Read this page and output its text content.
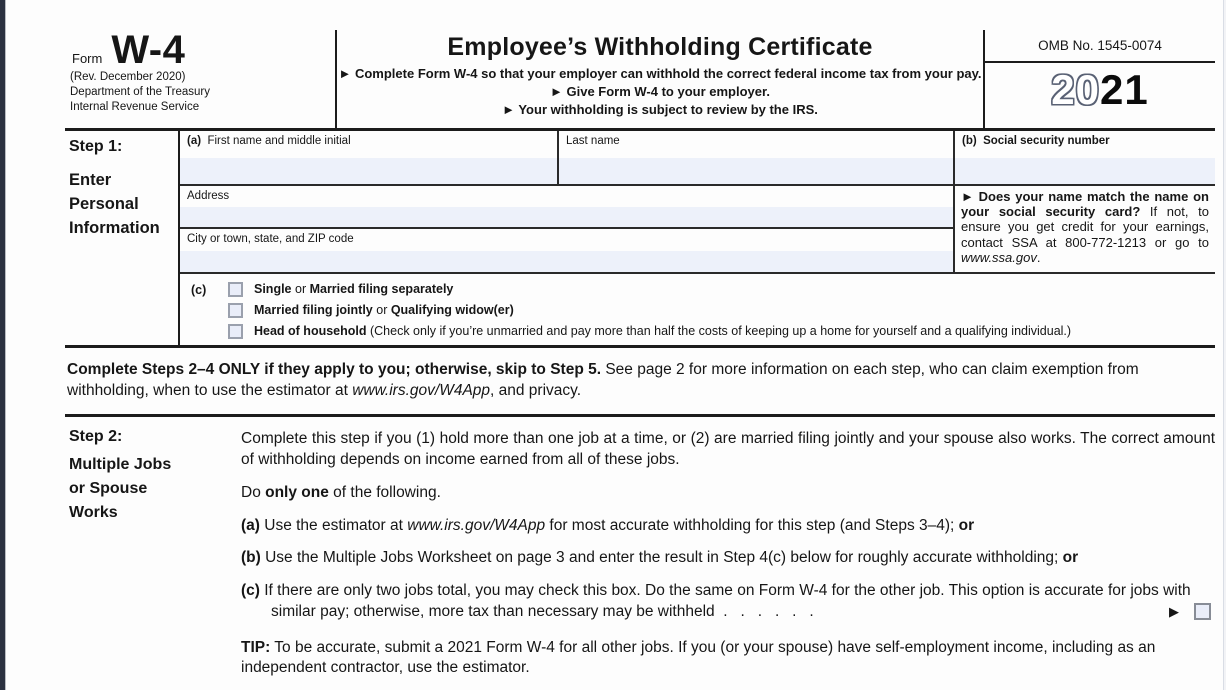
Form W-4
(Rev. December 2020)
Department of the Treasury
Internal Revenue Service
Employee’s Withholding Certificate
► Complete Form W-4 so that your employer can withhold the correct federal income tax from your pay.
► Give Form W-4 to your employer.
► Your withholding is subject to review by the IRS.
OMB No. 1545-0074
2021
Step 1:
Enter
Personal
Information
(a)  First name and middle initial	Last name	(b)  Social security number
Address
City or town, state, and ZIP code
► Does your name match the name on your social security card? If not, to ensure you get credit for your earnings, contact SSA at 800-772-1213 or go to www.ssa.gov.
(c)	Single or Married filing separately
Married filing jointly or Qualifying widow(er)
Head of household (Check only if you’re unmarried and pay more than half the costs of keeping up a home for yourself and a qualifying individual.)
Complete Steps 2–4 ONLY if they apply to you; otherwise, skip to Step 5. See page 2 for more information on each step, who can claim exemption from withholding, when to use the estimator at www.irs.gov/W4App, and privacy.
Step 2:
Multiple Jobs
or Spouse
Works
Complete this step if you (1) hold more than one job at a time, or (2) are married filing jointly and your spouse also works. The correct amount of withholding depends on income earned from all of these jobs.
Do only one of the following.
(a) Use the estimator at www.irs.gov/W4App for most accurate withholding for this step (and Steps 3–4); or
(b) Use the Multiple Jobs Worksheet on page 3 and enter the result in Step 4(c) below for roughly accurate withholding; or
(c) If there are only two jobs total, you may check this box. Do the same on Form W-4 for the other job. This option is accurate for jobs with similar pay; otherwise, more tax than necessary may be withheld  .   .   .   .   .   .	▶
TIP: To be accurate, submit a 2021 Form W-4 for all other jobs. If you (or your spouse) have self-employment income, including as an independent contractor, use the estimator.
